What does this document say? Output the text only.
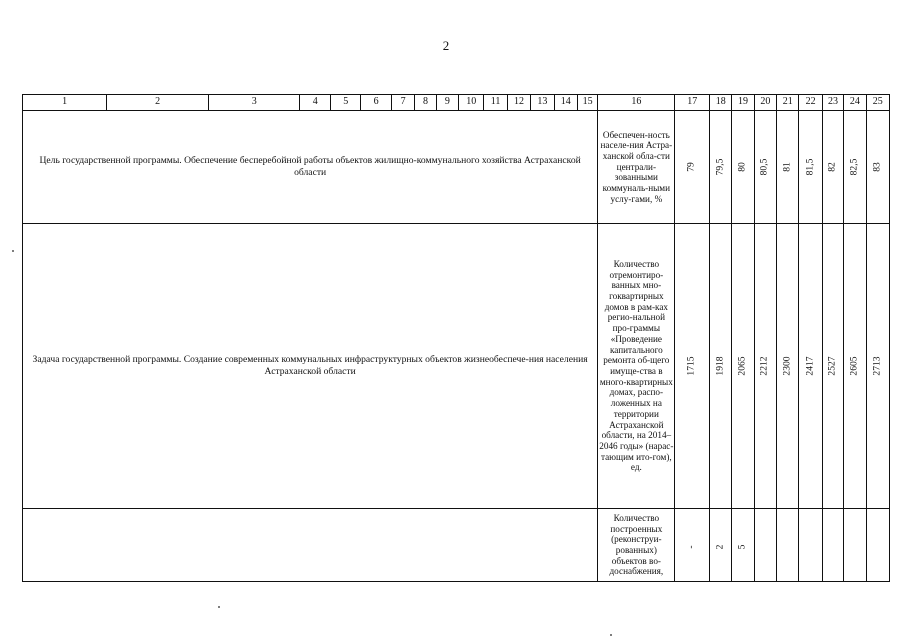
2
1	2	3	4	5	6	7	8	9	10	11	12	13	14	15	16	17	18	19	20	21	22	23	24	25
Цель государственной программы. Обеспечение бесперебойной работы объектов жилищно-коммунального хозяйства Астраханской области															Обеспечен-ность населе-ния Астра-ханской обла-сти централи-зованными коммуналь-ными услу-гами, %	79	79,5	80	80,5	81	81,5	82	82,5	83

Задача государственной программы. Создание современных коммунальных инфраструктурных объектов жизнеобеспече-ния населения Астраханской области															Количество отремонтиро-ванных мно-гоквартирных домов в рам-ках регио-нальной про-граммы «Проведение капитального ремонта об-щего имуще-ства в много-квартирных домах, распо-ложенных на территории Астраханской области, на 2014–2046 годы» (нарас-тающим ито-гом), ед.	1715	1918	2065	2212	2300	2417	2527	2605	2713

															Количество построенных (реконструи-рованных) объектов во-доснабжения,	-	2	5						
